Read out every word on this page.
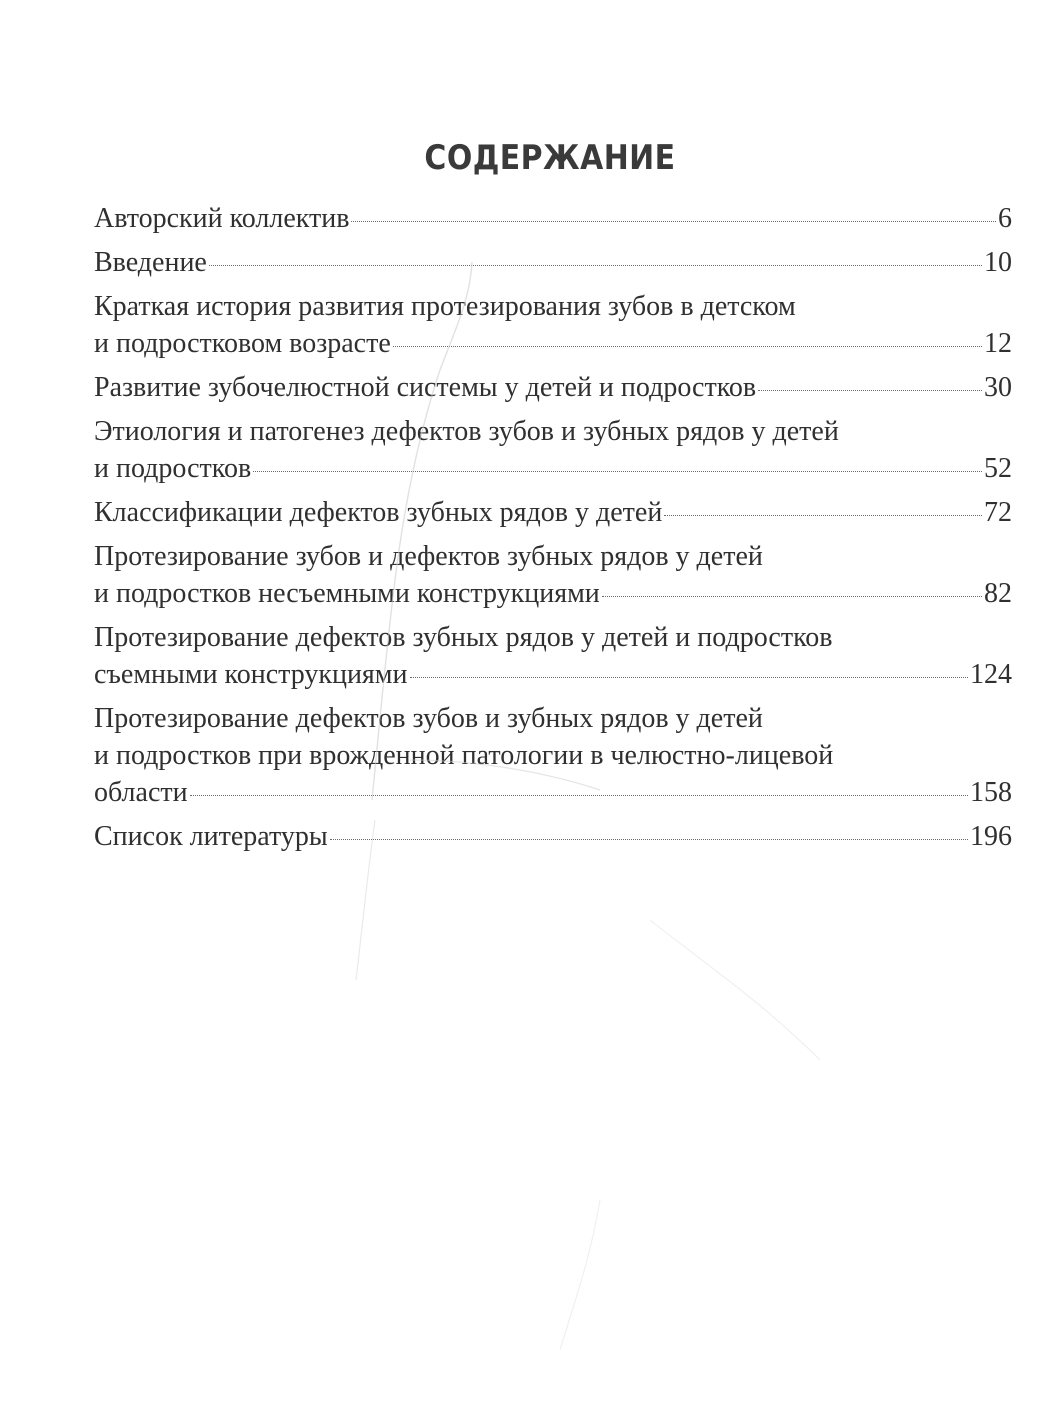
СОДЕРЖАНИЕ
Авторский коллектив	6
Введение	10
Краткая история развития протезирования зубов в детском
и подростковом возрасте	12
Развитие зубочелюстной системы у детей и подростков	30
Этиология и патогенез дефектов зубов и зубных рядов у детей
и подростков	52
Классификации дефектов зубных рядов у детей	72
Протезирование зубов и дефектов зубных рядов у детей
и подростков несъемными конструкциями	82
Протезирование дефектов зубных рядов у детей и подростков
съемными конструкциями	124
Протезирование дефектов зубов и зубных рядов у детей
и подростков при врожденной патологии в челюстно-лицевой
области	158
Список литературы	196
